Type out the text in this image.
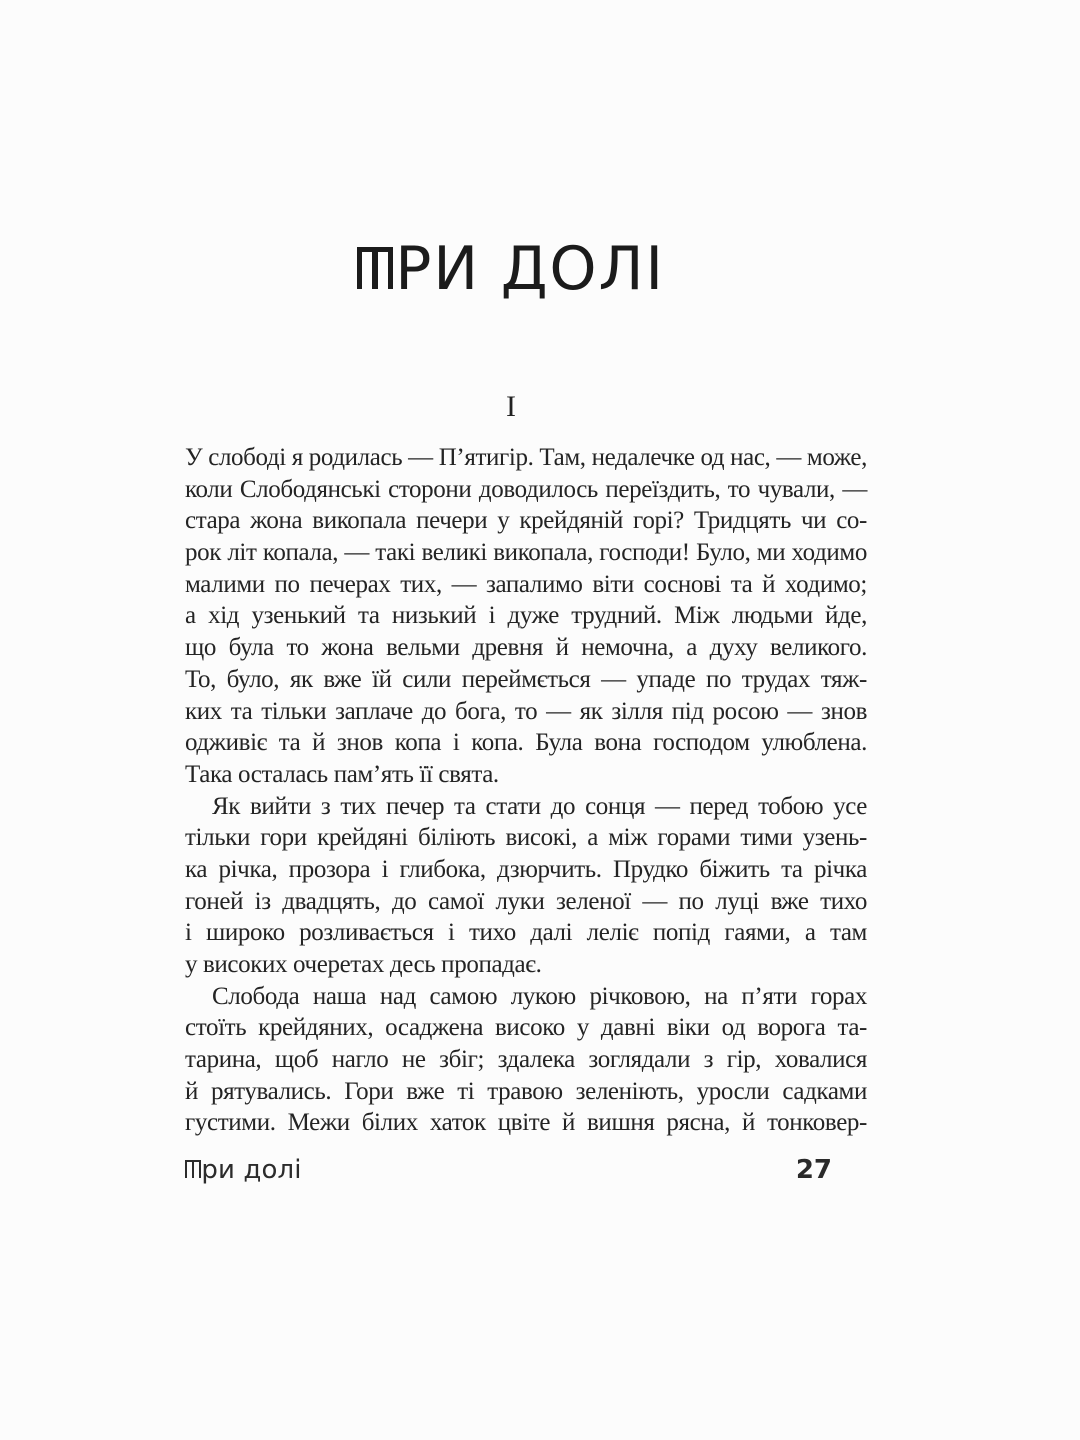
РИ ДОЛІ
I
У слободі я родилась — П’ятигір. Там, недалечке од нас, — може,
коли Слободянські сторони доводилось переїздить, то чували, —
стара жона викопала печери у крейдяній горі? Тридцять чи со-
рок літ копала, — такі великі викопала, господи! Було, ми ходимо
малими по печерах тих, — запалимо віти соснові та й ходимо;
а хід узенький та низький і дуже трудний. Між людьми йде,
що була то жона вельми древня й немочна, а духу великого.
То, було, як вже їй сили переймється — упаде по трудах тяж-
ких та тільки заплаче до бога, то — як зілля під росою — знов
одживіє та й знов копа і копа. Була вона господом улюблена.
Така осталась пам’ять її свята.
Як вийти з тих печер та стати до сонця — перед тобою усе
тільки гори крейдяні біліють високі, а між горами тими узень-
ка річка, прозора і глибока, дзюрчить. Прудко біжить та річка
гоней із двадцять, до самої луки зеленої — по луці вже тихо
і широко розливається і тихо далі леліє попід гаями, а там
у високих очеретах десь пропадає.
Слобода наша над самою лукою річковою, на п’яти горах
стоїть крейдяних, осаджена високо у давні віки од ворога та-
тарина, щоб нагло не збіг; здалека зоглядали з гір, ховалися
й рятувались. Гори вже ті травою зеленіють, уросли садками
густими. Межи білих хаток цвіте й вишня рясна, й тонковер-
ри долі	27
